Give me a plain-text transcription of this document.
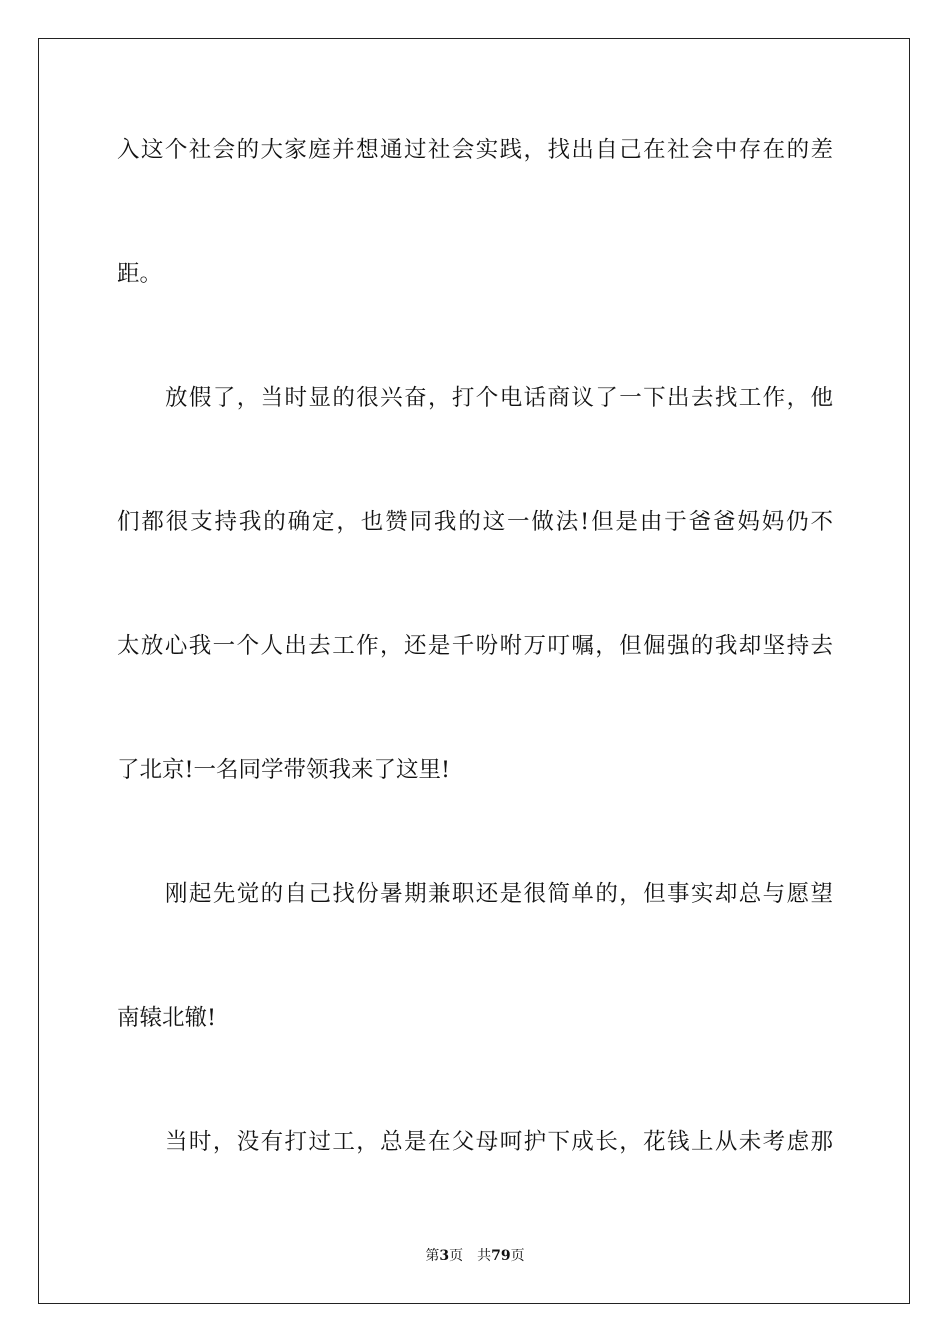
入这个社会的大家庭并想通过社会实践，找出自己在社会中存在的差
距。
放假了，当时显的很兴奋，打个电话商议了一下出去找工作，他
们都很支持我的确定，也赞同我的这一做法!但是由于爸爸妈妈仍不
太放心我一个人出去工作，还是千吩咐万叮嘱，但倔强的我却坚持去
了北京!一名同学带领我来了这里!
刚起先觉的自己找份暑期兼职还是很简单的，但事实却总与愿望
南辕北辙!
当时，没有打过工，总是在父母呵护下成长，花钱上从未考虑那
第3页 共79页
